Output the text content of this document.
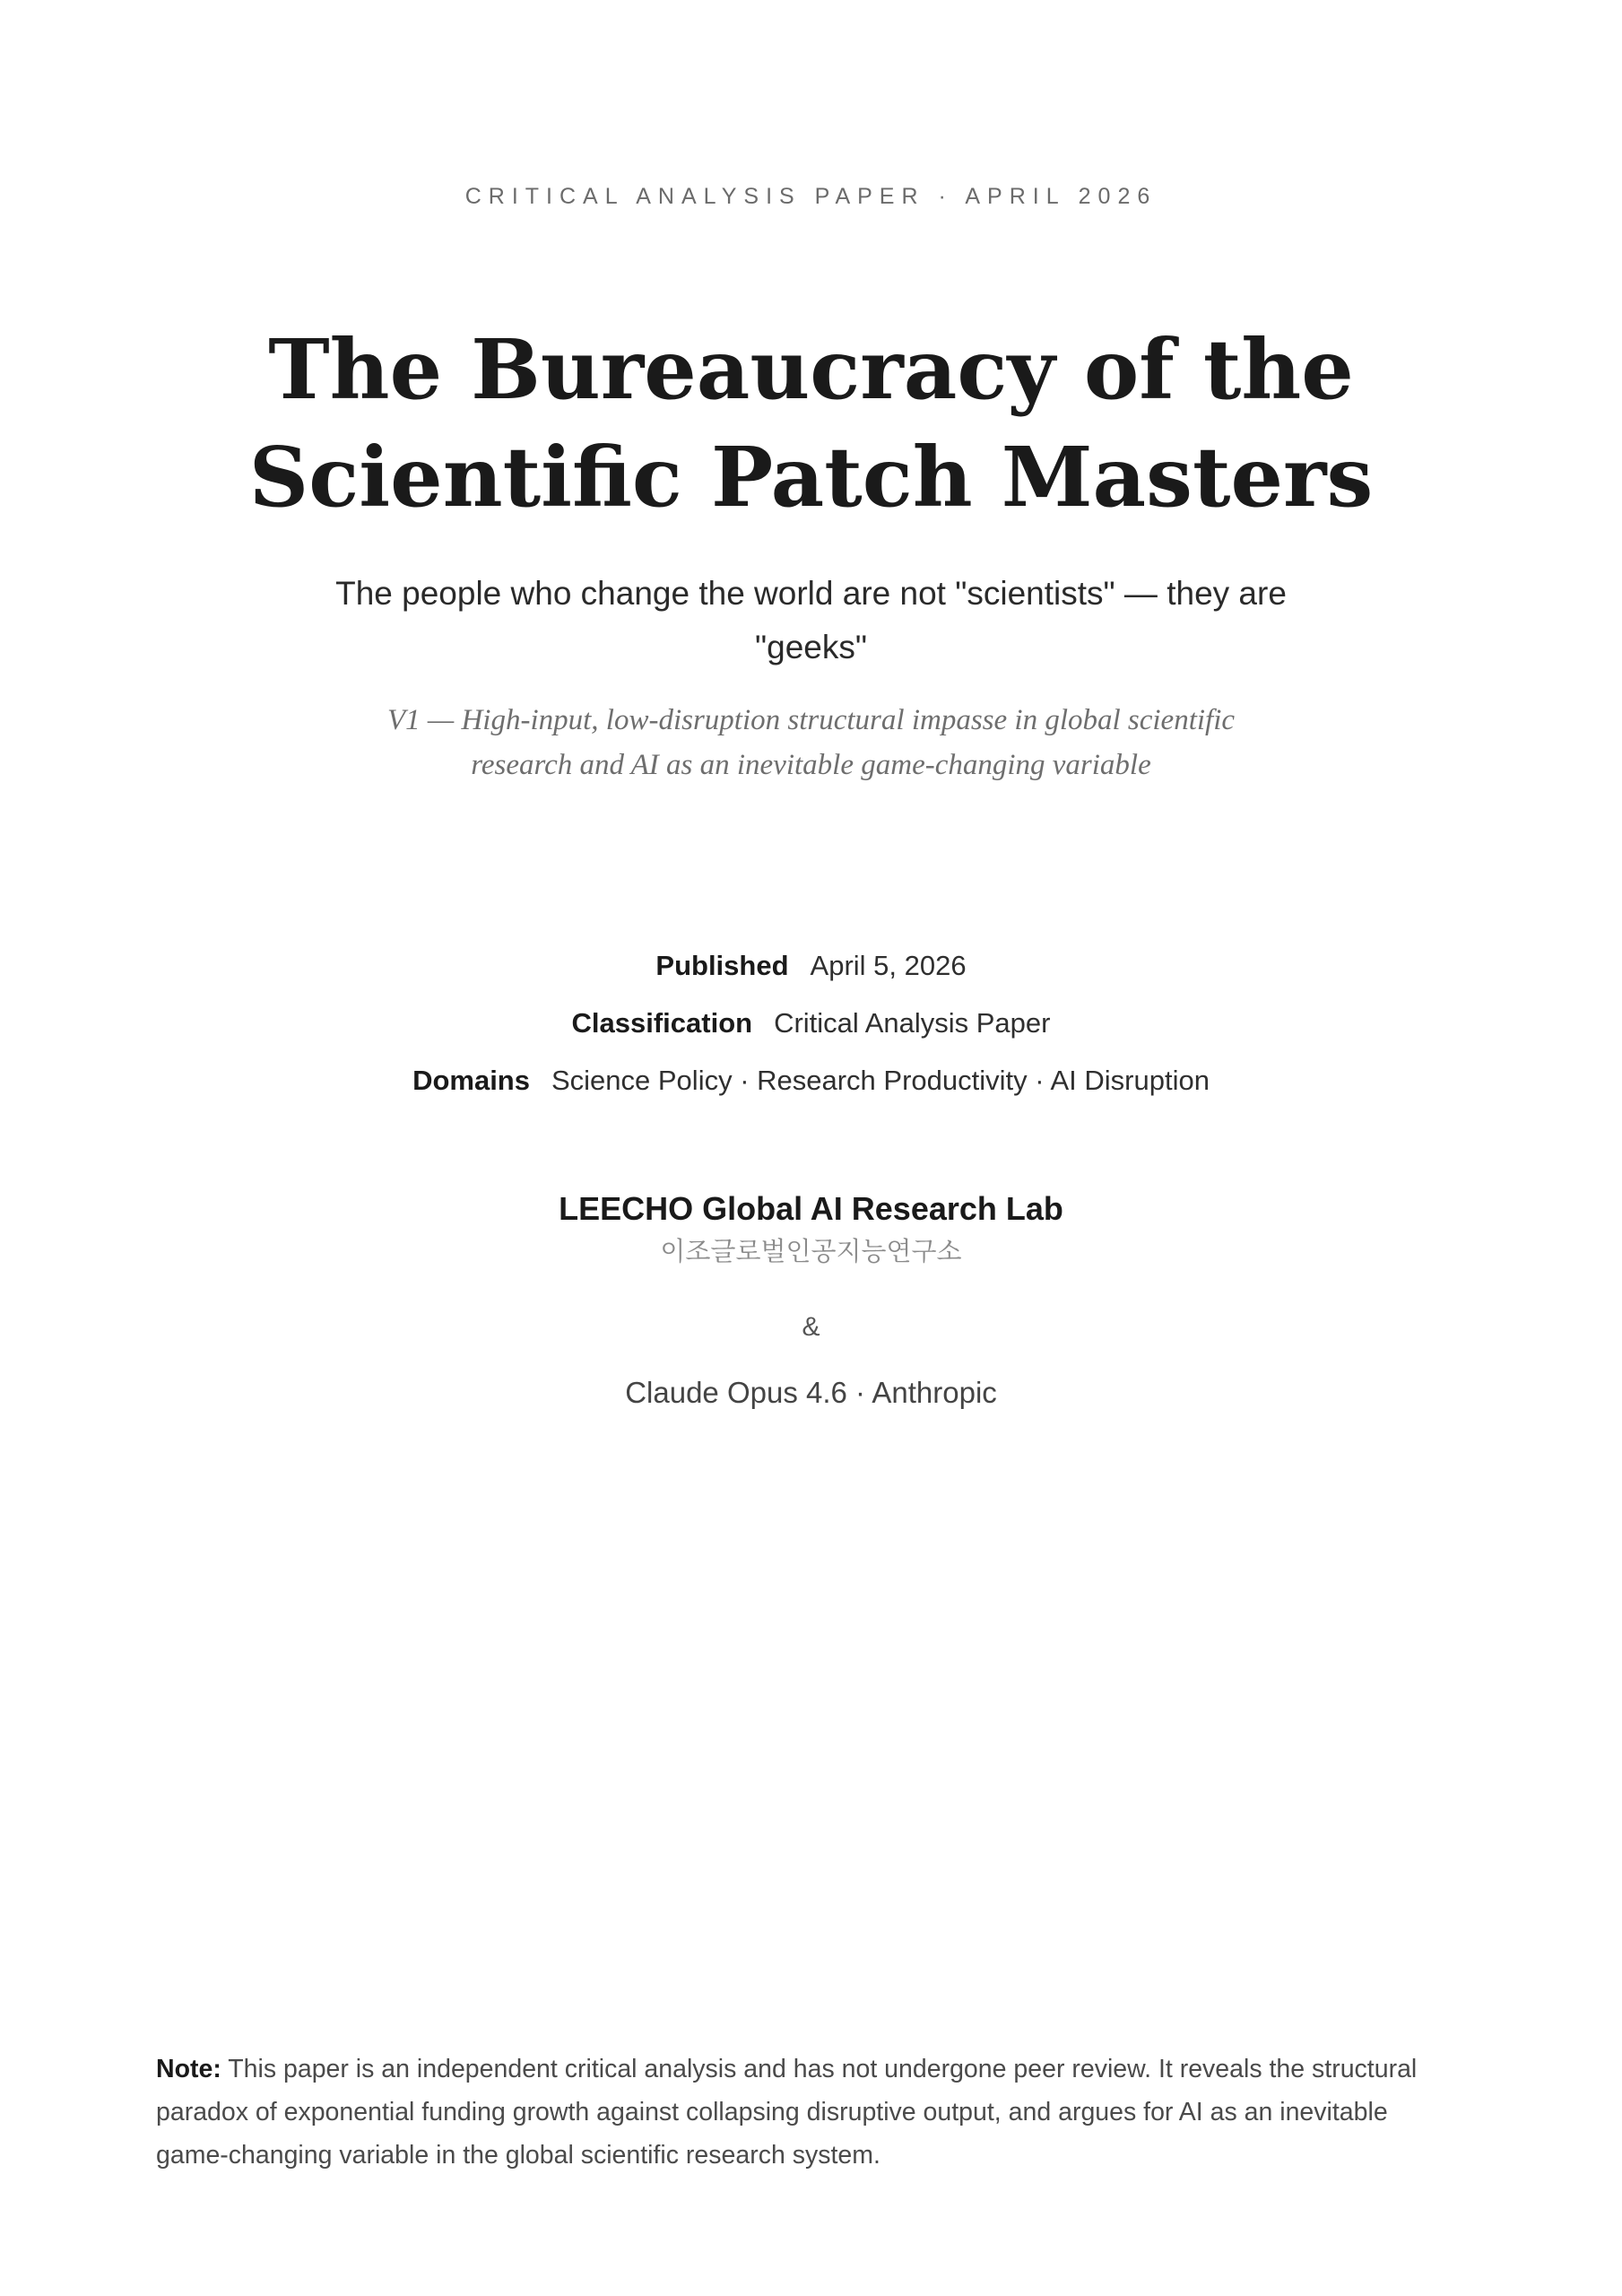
CRITICAL ANALYSIS PAPER · APRIL 2026
The Bureaucracy of the
Scientific Patch Masters
The people who change the world are not "scientists" — they are "geeks"
V1 — High-input, low-disruption structural impasse in global scientific research and AI as an inevitable game-changing variable
Published April 5, 2026
Classification Critical Analysis Paper
Domains Science Policy · Research Productivity · AI Disruption
LEECHO Global AI Research Lab
이조글로벌인공지능연구소
&
Claude Opus 4.6 · Anthropic
Note: This paper is an independent critical analysis and has not undergone peer review. It reveals the structural paradox of exponential funding growth against collapsing disruptive output, and argues for AI as an inevitable game-changing variable in the global scientific research system.
